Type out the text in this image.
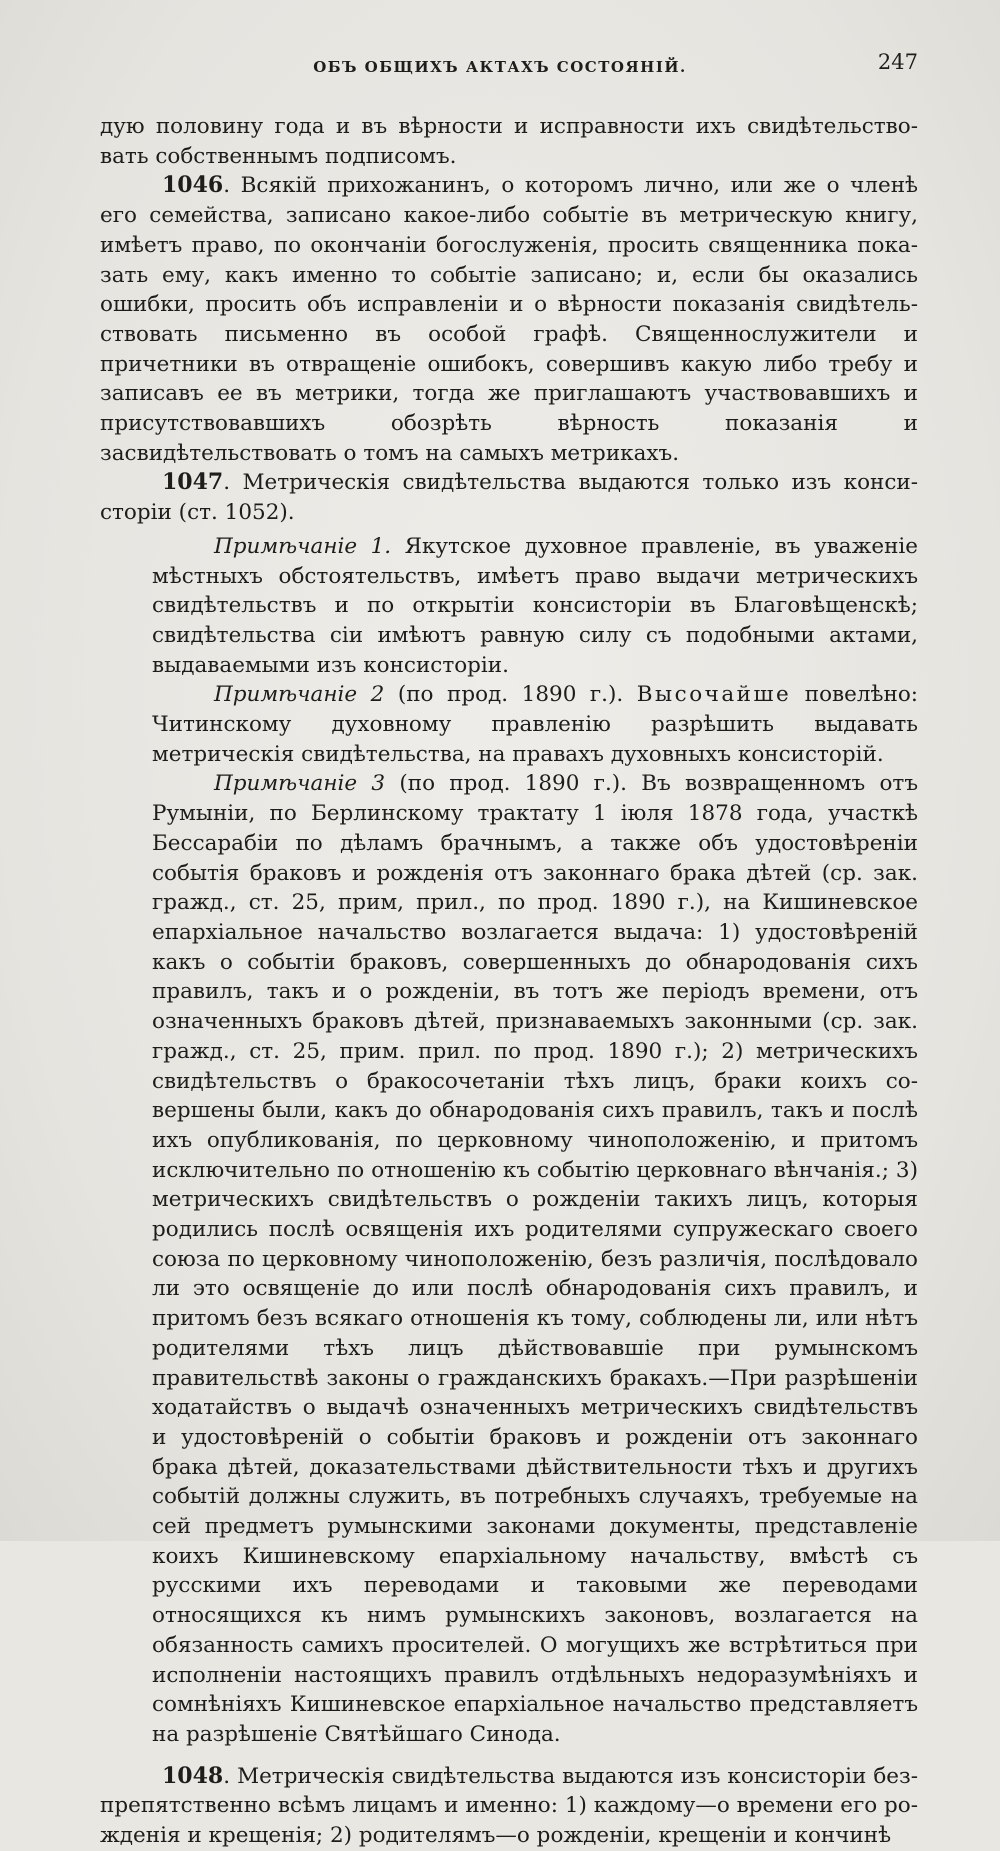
ОБЪ ОБЩИХЪ АКТАХЪ СОСТОЯНІЙ.	247

дую половину года и въ вѣрности и исправности ихъ свидѣтельствовать собственнымъ подписомъ.

1046. Всякій прихожанинъ, о которомъ лично, или же о членѣ его семейства, записано какое-либо событіе въ метрическую книгу, имѣетъ право, по окончаніи богослуженія, просить священника показать ему, какъ именно то событіе записано; и, если бы оказались ошибки, просить объ исправленіи и о вѣрности показанія свидѣтельствовать письменно въ особой графѣ. Священнослужители и причетники въ отвращеніе ошибокъ, совершивъ какую либо требу и записавъ ее въ метрики, тогда же приглашаютъ участвовавшихъ и присутствовавшихъ обозрѣть вѣрность показанія и засвидѣтельствовать о томъ на самыхъ метрикахъ.

1047. Метрическія свидѣтельства выдаются только изъ консисторіи (ст. 1052).

Примѣчаніе 1. Якутское духовное правленіе, въ уваженіе мѣстныхъ обстоятельствъ, имѣетъ право выдачи метрическихъ свидѣтельствъ и по открытіи консисторіи въ Благовѣщенскѣ; свидѣтельства сіи имѣютъ равную силу съ подобными актами, выдаваемыми изъ консисторіи.

Примѣчаніе 2 (по прод. 1890 г.). Высочайше повелѣно: Читинскому духовному правленію разрѣшить выдавать метрическія свидѣтельства, на правахъ духовныхъ консисторій.

Примѣчаніе 3 (по прод. 1890 г.). Въ возвращенномъ отъ Румыніи, по Берлинскому трактату 1 іюля 1878 года, участкѣ Бессарабіи по дѣламъ брачнымъ, а также объ удостовѣреніи событія браковъ и рожденія отъ законнаго брака дѣтей (ср. зак. гражд., ст. 25, прим, прил., по прод. 1890 г.), на Кишиневское епархіальное начальство возлагается выдача: 1) удостовѣреній какъ о событіи браковъ, совершенныхъ до обнародованія сихъ правилъ, такъ и о рожденіи, въ тотъ же періодъ времени, отъ означенныхъ браковъ дѣтей, признаваемыхъ законными (ср. зак. гражд., ст. 25, прим. прил. по прод. 1890 г.); 2) метрическихъ свидѣтельствъ о бракосочетаніи тѣхъ лицъ, браки коихъ совершены были, какъ до обнародованія сихъ правилъ, такъ и послѣ ихъ опубликованія, по церковному чиноположенію, и притомъ исключительно по отношенію къ событію церковнаго вѣнчанія.; 3) метрическихъ свидѣтельствъ о рожденіи такихъ лицъ, которыя родились послѣ освященія ихъ родителями супружескаго своего союза по церковному чиноположенію, безъ различія, послѣдовало ли это освященіе до или послѣ обнародованія сихъ правилъ, и притомъ безъ всякаго отношенія къ тому, соблюдены ли, или нѣтъ родителями тѣхъ лицъ дѣйствовавшіе при румынскомъ правительствѣ законы о гражданскихъ бракахъ.—При разрѣшеніи ходатайствъ о выдачѣ означенныхъ метрическихъ свидѣтельствъ и удостовѣреній о событіи браковъ и рожденіи отъ законнаго брака дѣтей, доказательствами дѣйствительности тѣхъ и другихъ событій должны служить, въ потребныхъ случаяхъ, требуемые на сей предметъ румынскими законами документы, представленіе коихъ Кишиневскому епархіальному начальству, вмѣстѣ съ русскими ихъ переводами и таковыми же переводами относящихся къ нимъ румынскихъ законовъ, возлагается на обязанность самихъ просителей. О могущихъ же встрѣтиться при исполненіи настоящихъ правилъ отдѣльныхъ недоразумѣніяхъ и сомнѣніяхъ Кишиневское епархіальное начальство представляетъ на разрѣшеніе Святѣйшаго Синода.

1048. Метрическія свидѣтельства выдаются изъ консисторіи безпрепятственно всѣмъ лицамъ и именно: 1) каждому—о времени его рожденія и крещенія; 2) родителямъ—о рожденіи, крещеніи и кончинѣ
